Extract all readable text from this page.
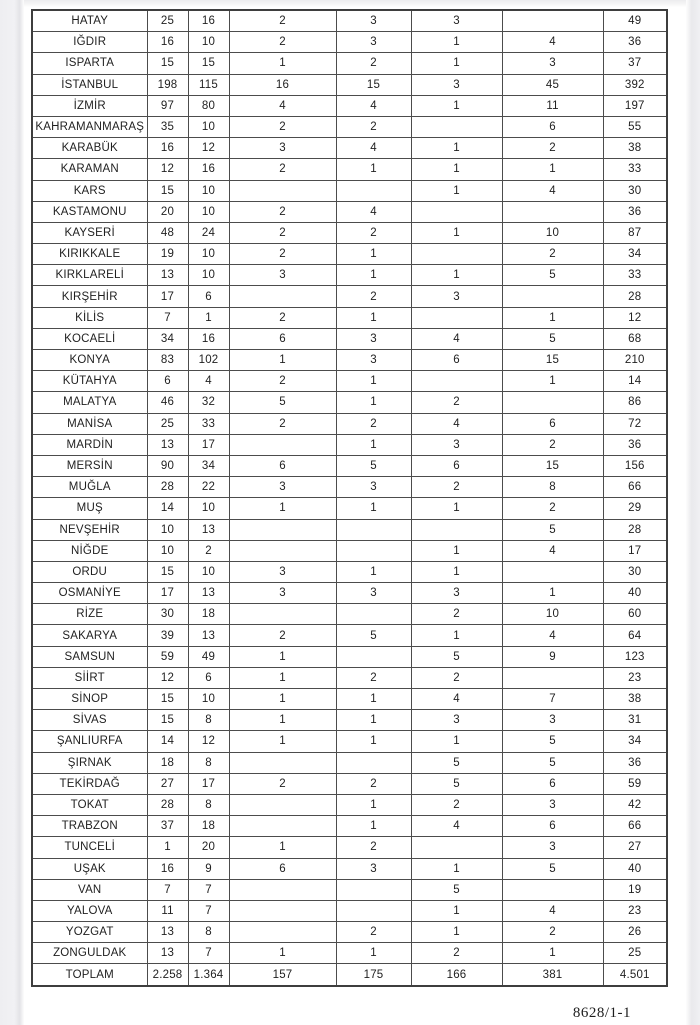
HATAY	25	16	2	3	3		49
IĞDIR	16	10	2	3	1	4	36
ISPARTA	15	15	1	2	1	3	37
İSTANBUL	198	115	16	15	3	45	392
İZMİR	97	80	4	4	1	11	197
KAHRAMANMARAŞ	35	10	2	2		6	55
KARABÜK	16	12	3	4	1	2	38
KARAMAN	12	16	2	1	1	1	33
KARS	15	10			1	4	30
KASTAMONU	20	10	2	4			36
KAYSERİ	48	24	2	2	1	10	87
KIRIKKALE	19	10	2	1		2	34
KIRKLARELİ	13	10	3	1	1	5	33
KIRŞEHİR	17	6		2	3		28
KİLİS	7	1	2	1		1	12
KOCAELİ	34	16	6	3	4	5	68
KONYA	83	102	1	3	6	15	210
KÜTAHYA	6	4	2	1		1	14
MALATYA	46	32	5	1	2		86
MANİSA	25	33	2	2	4	6	72
MARDİN	13	17		1	3	2	36
MERSİN	90	34	6	5	6	15	156
MUĞLA	28	22	3	3	2	8	66
MUŞ	14	10	1	1	1	2	29
NEVŞEHİR	10	13				5	28
NİĞDE	10	2			1	4	17
ORDU	15	10	3	1	1		30
OSMANİYE	17	13	3	3	3	1	40
RİZE	30	18			2	10	60
SAKARYA	39	13	2	5	1	4	64
SAMSUN	59	49	1		5	9	123
SİİRT	12	6	1	2	2		23
SİNOP	15	10	1	1	4	7	38
SİVAS	15	8	1	1	3	3	31
ŞANLIURFA	14	12	1	1	1	5	34
ŞIRNAK	18	8			5	5	36
TEKİRDAĞ	27	17	2	2	5	6	59
TOKAT	28	8		1	2	3	42
TRABZON	37	18		1	4	6	66
TUNCELİ	1	20	1	2		3	27
UŞAK	16	9	6	3	1	5	40
VAN	7	7			5		19
YALOVA	11	7			1	4	23
YOZGAT	13	8		2	1	2	26
ZONGULDAK	13	7	1	1	2	1	25
TOPLAM	2.258	1.364	157	175	166	381	4.501
8628/1-1
